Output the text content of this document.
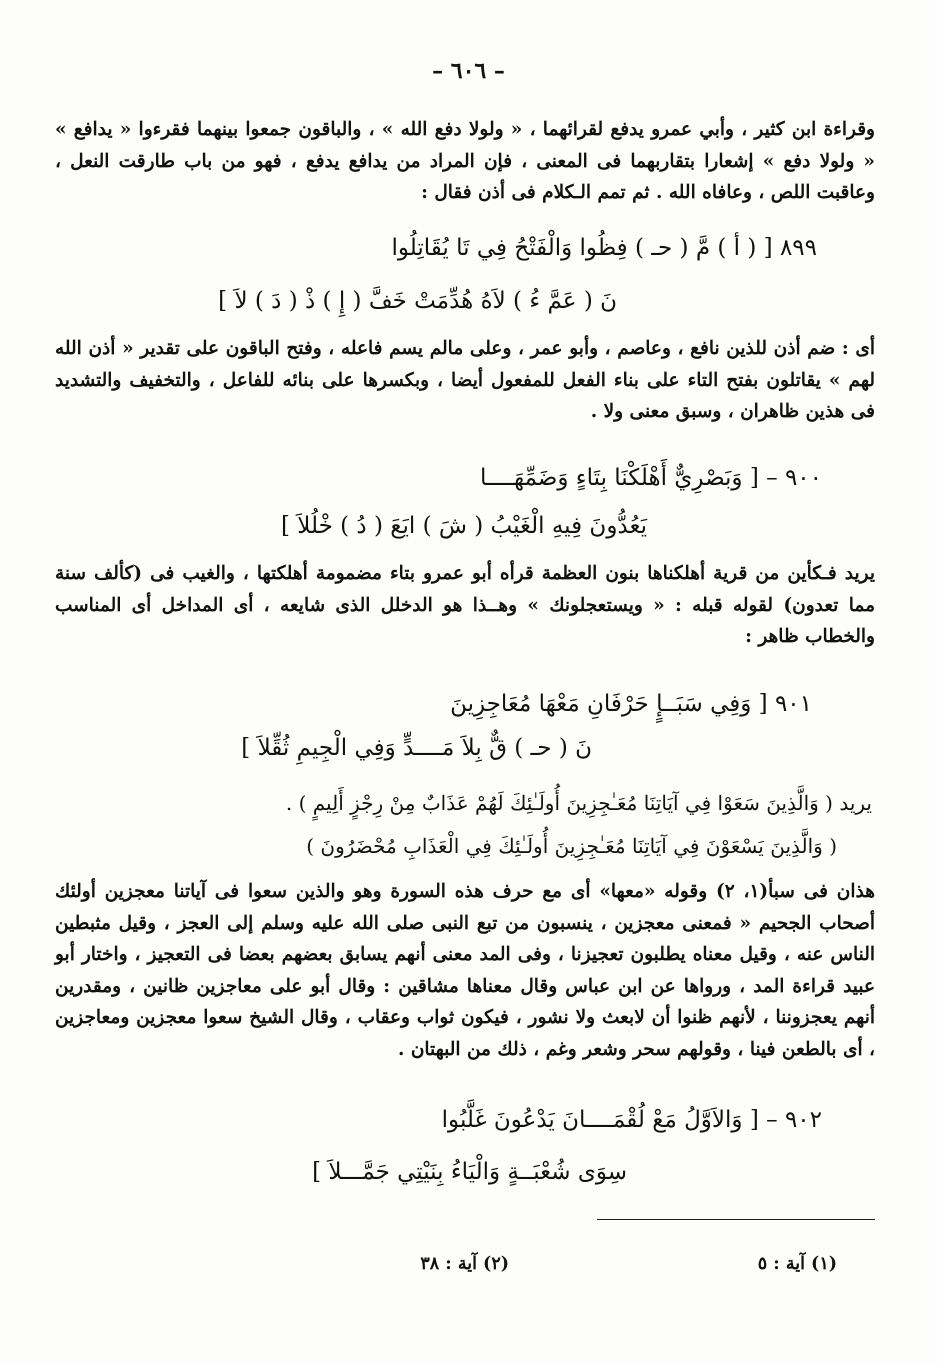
– ٦٠٦ –
وقراءة ابن كثير ، وأبي عمرو يدفع لقرائهما ، « ولولا دفع الله » ، والباقون جمعوا بينهما فقرءوا « يدافع » « ولولا دفع » إشعارا بتقاربهما فى المعنى ، فإن المراد من يدافع يدفع ، فهو من باب طارقت النعل ، وعاقبت اللص ، وعافاه الله . ثم تمم الـكلام فى أذن فقال :
٨٩٩ [ ( أ ) مَّ ( حـ ) فِظُوا وَالْفَتْحُ فِي تَا يُقَاتِلُوا
نَ ( عَمَّ ءُ ) لاَهُ هُدِّمَتْ خَفَّ ( إِ ) ذْ ( دَ ) لاَ ]
أى : ضم أذن للذين نافع ، وعاصم ، وأبو عمر ، وعلى مالم يسم فاعله ، وفتح الباقون على تقدير « أذن الله لهم » يقاتلون بفتح التاء على بناء الفعل للمفعول أيضا ، وبكسرها على بنائه للفاعل ، والتخفيف والتشديد فى هذين ظاهران ، وسبق معنى ولا .
٩٠٠ – [ وَبَصْرِيٌّ أَهْلَكْنَا بِتَاءٍ وَضَمِّهَــــا
يَعُدُّونَ فِيهِ الْغَيْبُ ( شَ ) ايَعَ ( دُ ) خْلُلاَ ]
يريد فـكأين من قرية أهلكناها بنون العظمة قرأه أبو عمرو بتاء مضمومة أهلكتها ، والغيب فى (كألف سنة مما تعدون) لقوله قبله : « ويستعجلونك » وهــذا هو الدخلل الذى شايعه ، أى المداخل أى المناسب والخطاب ظاهر :
٩٠١ [ وَفِي سَبَــإٍ حَرْفَانِ مَعْهَا مُعَاجِزِينَ
نَ ( حـ ) قٌّ بِلاَ مَــــدٍّ وَفِي الْجِيمِ ثُقِّلاَ ]
يريد ( وَالَّذِينَ سَعَوْا فِي آيَاتِنَا مُعَـٰجِزِينَ أُولَـٰئِكَ لَهُمْ عَذَابٌ مِنْ رِجْزٍ أَلِيمٍ ) .
( وَالَّذِينَ يَسْعَوْنَ فِي آيَاتِنَا مُعَـٰجِزِينَ أُولَـٰئِكَ فِي الْعَذَابِ مُحْضَرُونَ )
هذان فى سبأ(١، ٢) وقوله «معها» أى مع حرف هذه السورة وهو والذين سعوا فى آياتنا معجزين أولئك أصحاب الجحيم « فمعنى معجزين ، ينسبون من تبع النبى صلى الله عليه وسلم إلى العجز ، وقيل مثبطين الناس عنه ، وقيل معناه يطلبون تعجيزنا ، وفى المد معنى أنهم يسابق بعضهم بعضا فى التعجيز ، واختار أبو عبيد قراءة المد ، ورواها عن ابن عباس وقال معناها مشاقين : وقال أبو على معاجزين ظانين ، ومقدرين أنهم يعجزوننا ، لأنهم ظنوا أن لابعث ولا نشور ، فيكون ثواب وعقاب ، وقال الشيخ سعوا معجزين ومعاجزين ، أى بالطعن فينا ، وقولهم سحر وشعر وغم ، ذلك من البهتان .
٩٠٢ – [ وَالاَوَّلُ مَعْ لُقْمَــــانَ يَدْعُونَ غَلَّبُوا
سِوَى شُعْبَــةٍ وَالْيَاءُ بِنَيْتِي جَمَّـــلاَ ]
(١) آية : ٥
(٢) آية : ٣٨
